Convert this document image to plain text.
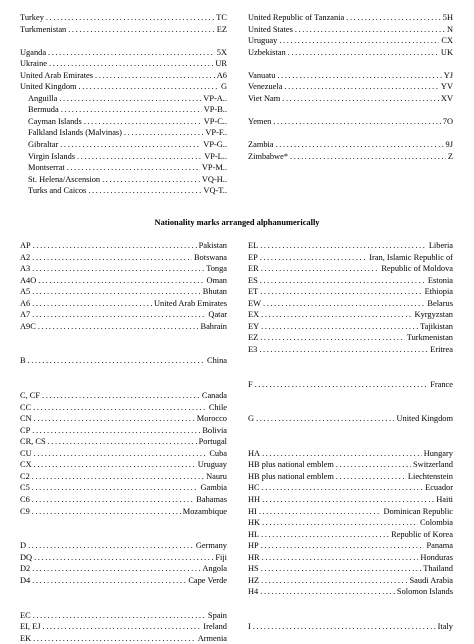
Turkey .....	TC
Turkmenistan .....	EZ
Uganda .....	5X
Ukraine .....	UR
United Arab Emirates .....	A6
United Kingdom .....	G
Anguilla .....	VP-A..
Bermuda .....	VP-B..
Cayman Islands .....	VP-C..
Falkland Islands (Malvinas) .....	VP-F..
Gibraltar .....	VP-G..
Virgin Islands .....	VP-L..
Montserrat .....	VP-M..
St. Helena/Ascension .....	VQ-H..
Turks and Caicos .....	VQ-T..
United Republic of Tanzania .....	5H
United States .....	N
Uruguay .....	CX
Uzbekistan .....	UK
Vanuatu .....	YJ
Venezuela .....	YV
Viet Nam .....	XV
Yemen .....	7O
Zambia .....	9J
Zimbabwe* .....	Z
Nationality marks arranged alphanumerically
AP .....	Pakistan
A2 .....	Botswana
A3 .....	Tonga
A4O .....	Oman
A5 .....	Bhutan
A6 .....	United Arab Emirates
A7 .....	Qatar
A9C .....	Bahrain
B .....	China
C, CF .....	Canada
CC .....	Chile
CN .....	Morocco
CP .....	Bolivia
CR, CS .....	Portugal
CU .....	Cuba
CX .....	Uruguay
C2 .....	Nauru
C5 .....	Gambia
C6 .....	Bahamas
C9 .....	Mozambique
D .....	Germany
DQ .....	Fiji
D2 .....	Angola
D4 .....	Cape Verde
EC .....	Spain
EI, EJ .....	Ireland
EK .....	Armenia
EL .....	Liberia
EP .....	Iran, Islamic Republic of
ER .....	Republic of Moldova
ES .....	Estonia
ET .....	Ethiopia
EW .....	Belarus
EX .....	Kyrgyzstan
EY .....	Tajikistan
EZ .....	Turkmenistan
E3 .....	Eritrea
F .....	France
G .....	United Kingdom
HA .....	Hungary
HB plus national emblem .....	Switzerland
HB plus national emblem .....	Liechtenstein
HC .....	Ecuador
HH .....	Haiti
HI .....	Dominican Republic
HK .....	Colombia
HL .....	Republic of Korea
HP .....	Panama
HR .....	Honduras
HS .....	Thailand
HZ .....	Saudi Arabia
H4 .....	Solomon Islands
I .....	Italy
